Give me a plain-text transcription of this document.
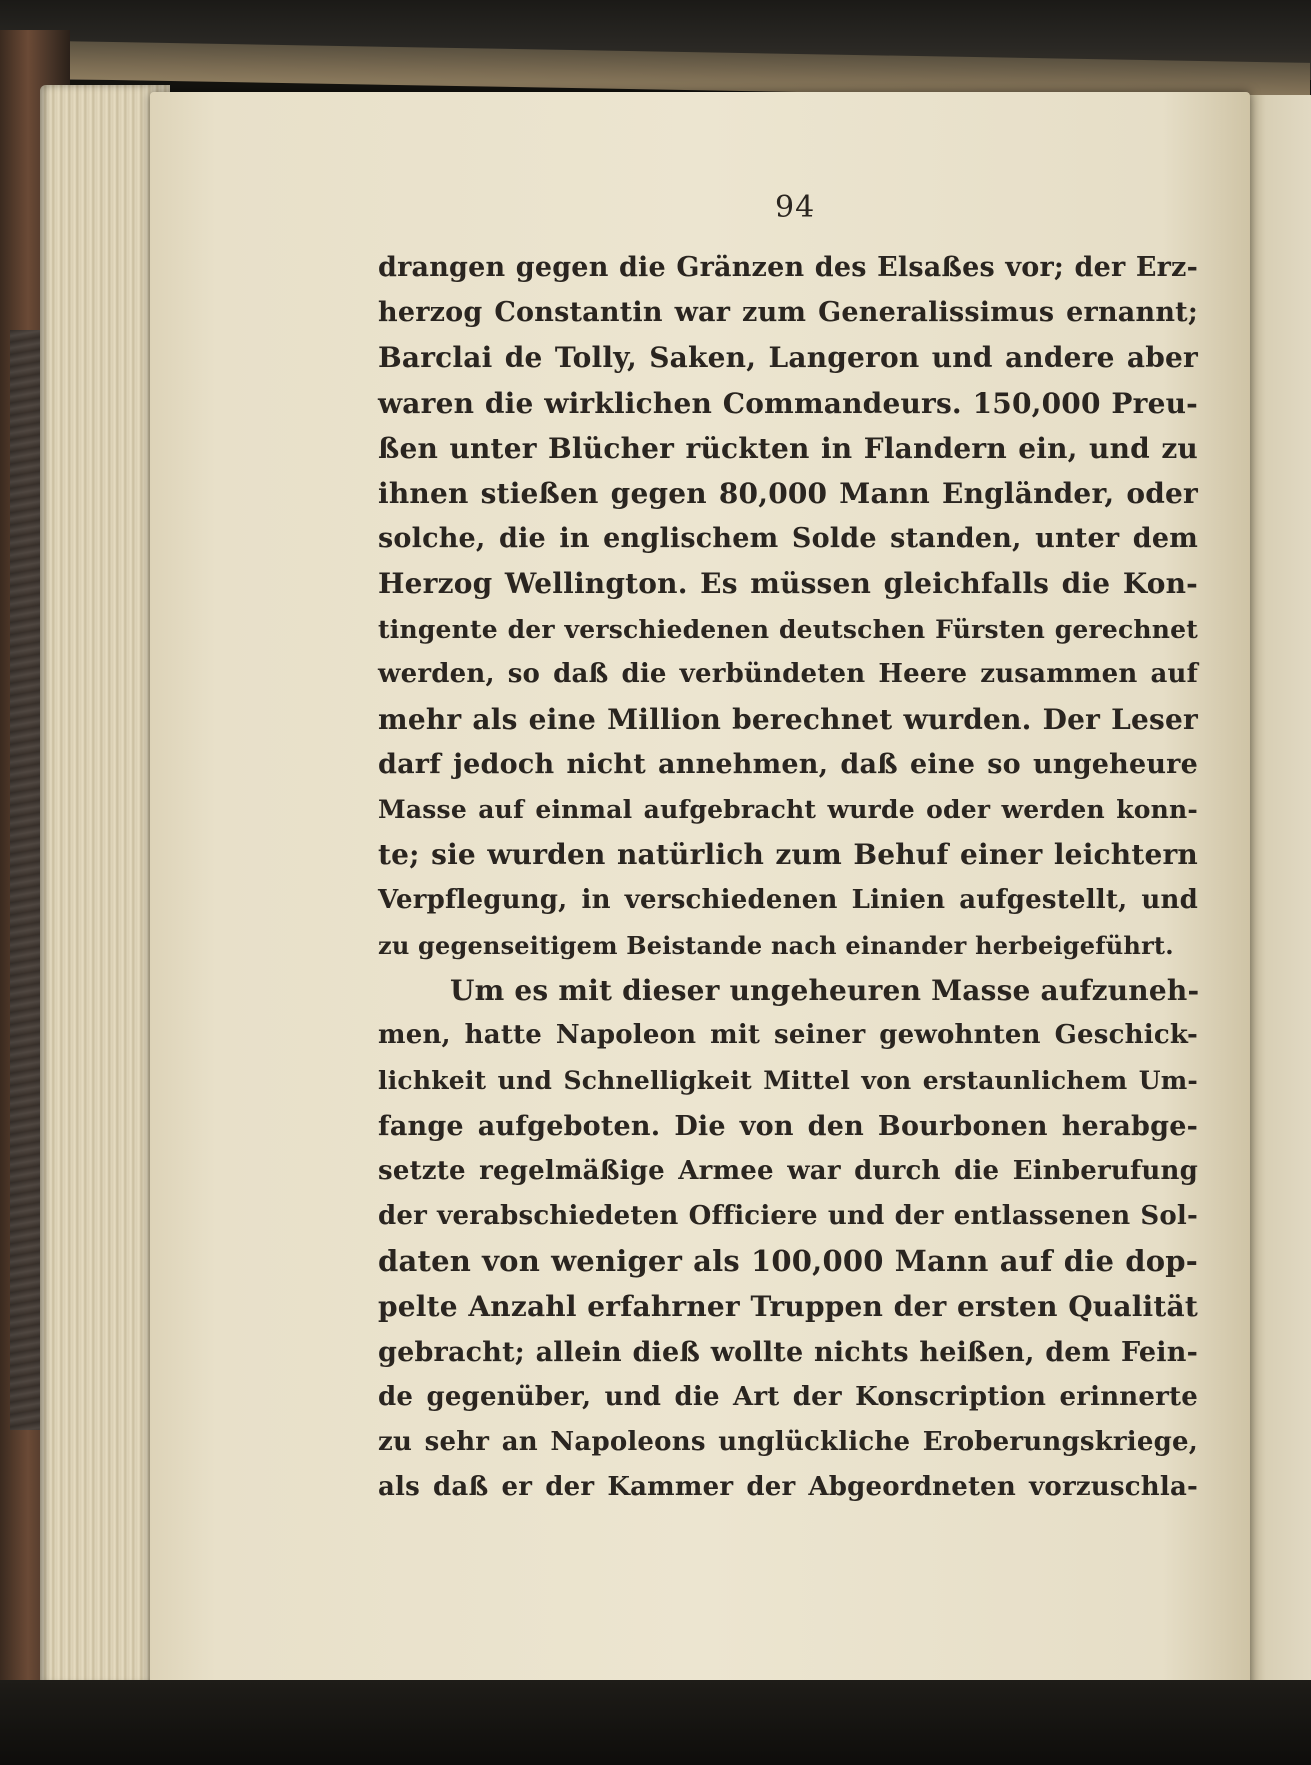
94
drangen gegen die Gränzen des Elsaßes vor; der Erz-
herzog Constantin war zum Generalissimus ernannt;
Barclai de Tolly, Saken, Langeron und andere aber
waren die wirklichen Commandeurs. 150,000 Preu-
ßen unter Blücher rückten in Flandern ein, und zu
ihnen stießen gegen 80,000 Mann Engländer, oder
solche, die in englischem Solde standen, unter dem
Herzog Wellington. Es müssen gleichfalls die Kon-
tingente der verschiedenen deutschen Fürsten gerechnet
werden, so daß die verbündeten Heere zusammen auf
mehr als eine Million berechnet wurden. Der Leser
darf jedoch nicht annehmen, daß eine so ungeheure
Masse auf einmal aufgebracht wurde oder werden konn-
te; sie wurden natürlich zum Behuf einer leichtern
Verpflegung, in verschiedenen Linien aufgestellt, und
zu gegenseitigem Beistande nach einander herbeigeführt.
Um es mit dieser ungeheuren Masse aufzuneh-
men, hatte Napoleon mit seiner gewohnten Geschick-
lichkeit und Schnelligkeit Mittel von erstaunlichem Um-
fange aufgeboten. Die von den Bourbonen herabge-
setzte regelmäßige Armee war durch die Einberufung
der verabschiedeten Officiere und der entlassenen Sol-
daten von weniger als 100,000 Mann auf die dop-
pelte Anzahl erfahrner Truppen der ersten Qualität
gebracht; allein dieß wollte nichts heißen, dem Fein-
de gegenüber, und die Art der Konscription erinnerte
zu sehr an Napoleons unglückliche Eroberungskriege,
als daß er der Kammer der Abgeordneten vorzuschla-
